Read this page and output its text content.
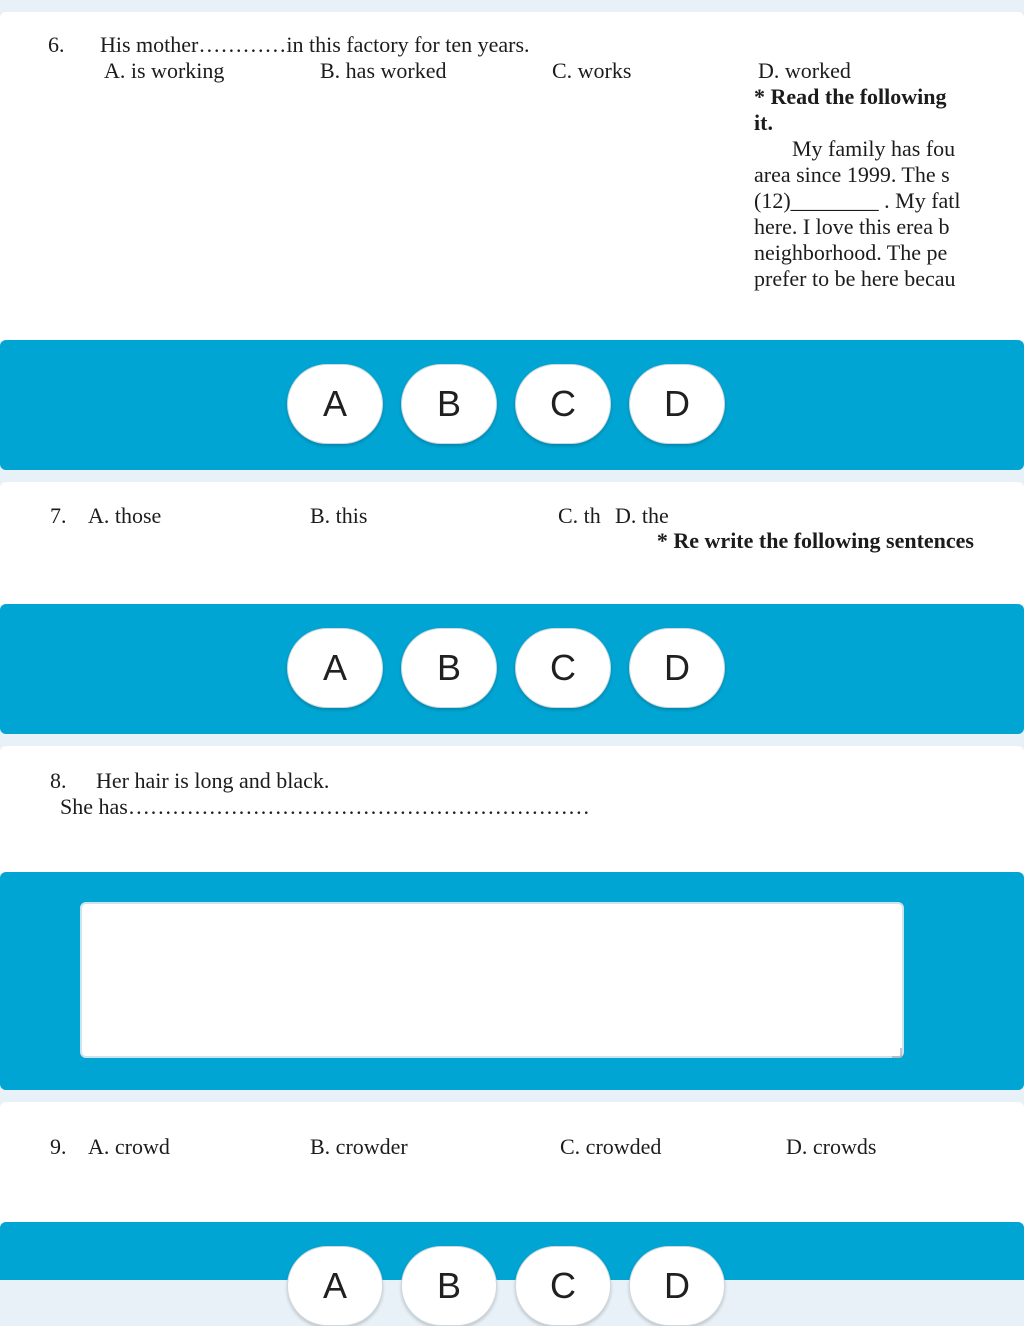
6. His mother…………in this factory for ten years.
A. is working	B. has worked	C. works	D. worked
* Read the following
it.
My family has fou
area since 1999. The s
(12)________ . My fatl
here. I love this erea b
neighborhood. The pe
prefer to be here becau
A	B	C	D
7. A. those	B. this	C. th D. the
* Re write the following sentences
A	B	C	D
8. Her hair is long and black.
She has………………………………………………………
9. A. crowd	B. crowder	C. crowded	D. crowds
A	B	C	D
